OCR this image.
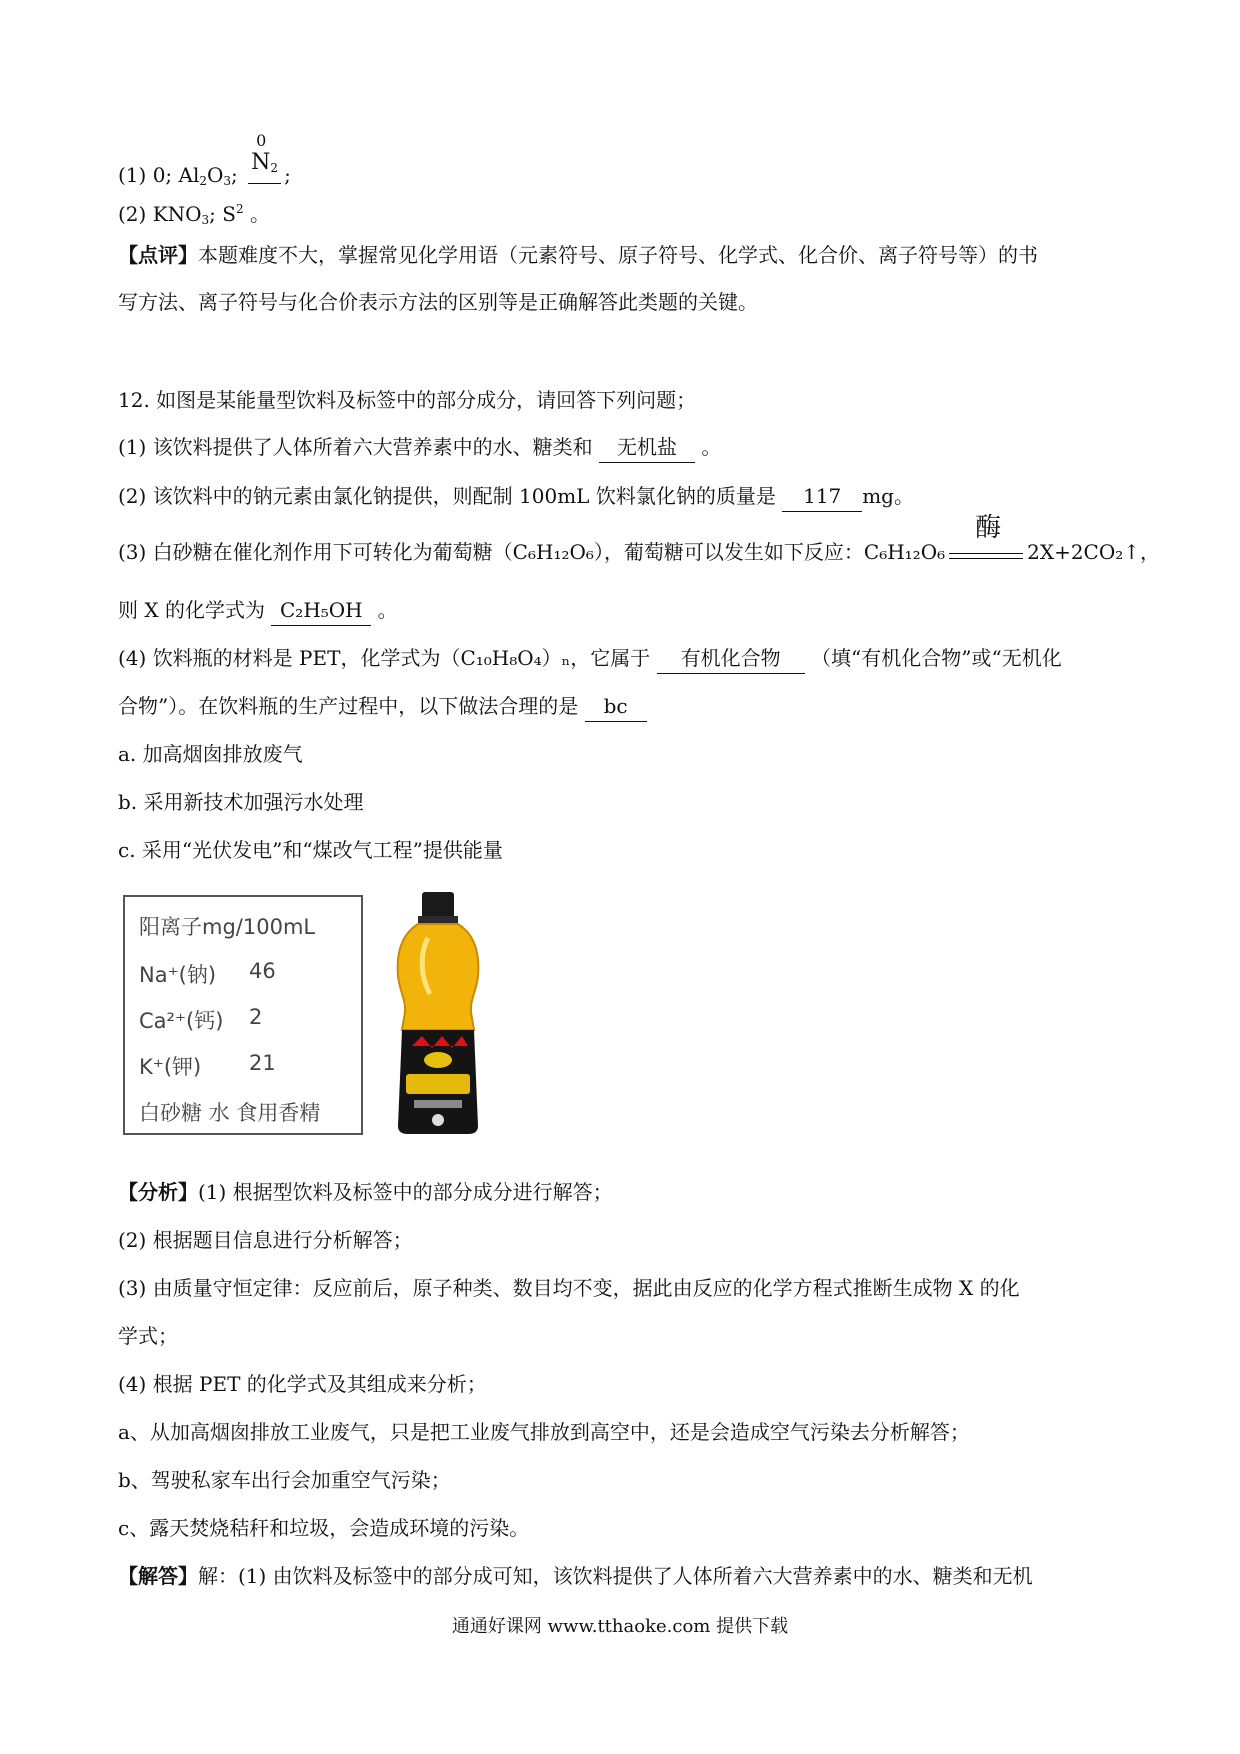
(1) 0; $Al_2O_3$;
0
$N_2$ ;
(2) $KNO_3$; $S^2$ 。
【点评】本题难度不大，掌握常见化学用语（元素符号、原子符号、化学式、化合价、离子符号等）的书
写方法、离子符号与化合价表示方法的区别等是正确解答此类题的关键。
12. 如图是某能量型饮料及标签中的部分成分，请回答下列问题；
(1) 该饮料提供了人体所着六大营养素中的水、糖类和 无机盐 。
(2) 该饮料中的钠元素由氯化钠提供，则配制 100mL 饮料氯化钠的质量是 117 mg。
(3) 白砂糖在催化剂作用下可转化为葡萄糖（C₆H₁₂O₆），葡萄糖可以发生如下反应：C₆H₁₂O₆
酶
2X+2CO₂↑，
则 X 的化学式为 C₂H₅OH 。
(4) 饮料瓶的材料是 PET，化学式为（C₁₀H₈O₄）ₙ，它属于 有机化合物 （填“有机化合物”或“无机化
合物”）。在饮料瓶的生产过程中，以下做法合理的是 bc
a. 加高烟囱排放废气
b. 采用新技术加强污水处理
c. 采用“光伏发电”和“煤改气工程”提供能量
阳离子mg/100mL
Na⁺(钠) 46
Ca²⁺(钙) 2
K⁺(钾) 21
白砂糖 水 食用香精
【分析】(1) 根据型饮料及标签中的部分成分进行解答；
(2) 根据题目信息进行分析解答；
(3) 由质量守恒定律：反应前后，原子种类、数目均不变，据此由反应的化学方程式推断生成物 X 的化
学式；
(4) 根据 PET 的化学式及其组成来分析；
a、从加高烟囱排放工业废气，只是把工业废气排放到高空中，还是会造成空气污染去分析解答；
b、驾驶私家车出行会加重空气污染；
c、露天焚烧秸秆和垃圾，会造成环境的污染。
【解答】解：(1) 由饮料及标签中的部分成可知，该饮料提供了人体所着六大营养素中的水、糖类和无机
通通好课网 www.tthaoke.com 提供下载
